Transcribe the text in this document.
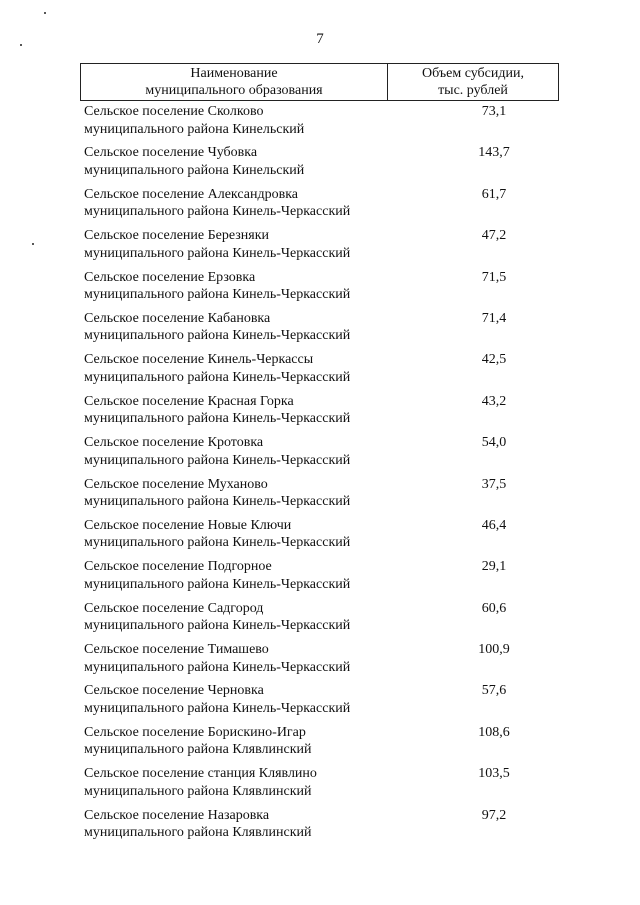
7
Наименование
муниципального образования
Объем субсидии,
тыс. рублей
Сельское поселение Сколково
муниципального района Кинельский
73,1
Сельское поселение Чубовка
муниципального района Кинельский
143,7
Сельское поселение Александровка
муниципального района Кинель-Черкасский
61,7
Сельское поселение Березняки
муниципального района Кинель-Черкасский
47,2
Сельское поселение Ерзовка
муниципального района Кинель-Черкасский
71,5
Сельское поселение Кабановка
муниципального района Кинель-Черкасский
71,4
Сельское поселение Кинель-Черкассы
муниципального района Кинель-Черкасский
42,5
Сельское поселение Красная Горка
муниципального района Кинель-Черкасский
43,2
Сельское поселение Кротовка
муниципального района Кинель-Черкасский
54,0
Сельское поселение Муханово
муниципального района Кинель-Черкасский
37,5
Сельское поселение Новые Ключи
муниципального района Кинель-Черкасский
46,4
Сельское поселение Подгорное
муниципального района Кинель-Черкасский
29,1
Сельское поселение Садгород
муниципального района Кинель-Черкасский
60,6
Сельское поселение Тимашево
муниципального района Кинель-Черкасский
100,9
Сельское поселение Черновка
муниципального района Кинель-Черкасский
57,6
Сельское поселение Борискино-Игар
муниципального района Клявлинский
108,6
Сельское поселение станция Клявлино
муниципального района Клявлинский
103,5
Сельское поселение Назаровка
муниципального района Клявлинский
97,2
